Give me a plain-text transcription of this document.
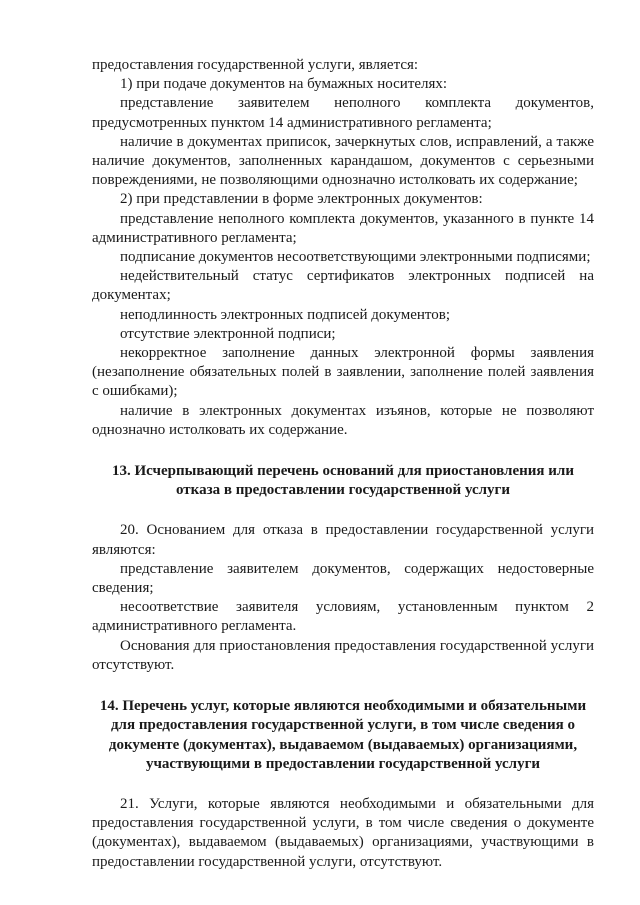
предоставления государственной услуги, является:

1) при подаче документов на бумажных носителях:

представление заявителем неполного комплекта документов, предусмотренных пунктом 14 административного регламента;

наличие в документах приписок, зачеркнутых слов, исправлений, а также наличие документов, заполненных карандашом, документов с серьезными повреждениями, не позволяющими однозначно истолковать их содержание;

2) при представлении в форме электронных документов:

представление неполного комплекта документов, указанного в пункте 14 административного регламента;

подписание документов несоответствующими электронными подписями;

недействительный статус сертификатов электронных подписей на документах;

неподлинность электронных подписей документов;

отсутствие электронной подписи;

некорректное заполнение данных электронной формы заявления (незаполнение обязательных полей в заявлении, заполнение полей заявления с ошибками);

наличие в электронных документах изъянов, которые не позволяют однозначно истолковать их содержание.

13. Исчерпывающий перечень оснований для приостановления или отказа в предоставлении государственной услуги

20. Основанием для отказа в предоставлении государственной услуги являются:

представление заявителем документов, содержащих недостоверные сведения;

несоответствие заявителя условиям, установленным пунктом 2 административного регламента.

Основания для приостановления предоставления государственной услуги отсутствуют.

14. Перечень услуг, которые являются необходимыми и обязательными для предоставления государственной услуги, в том числе сведения о документе (документах), выдаваемом (выдаваемых) организациями, участвующими в предоставлении государственной услуги

21. Услуги, которые являются необходимыми и обязательными для предоставления государственной услуги, в том числе сведения о документе (документах), выдаваемом (выдаваемых) организациями, участвующими в предоставлении государственной услуги, отсутствуют.
